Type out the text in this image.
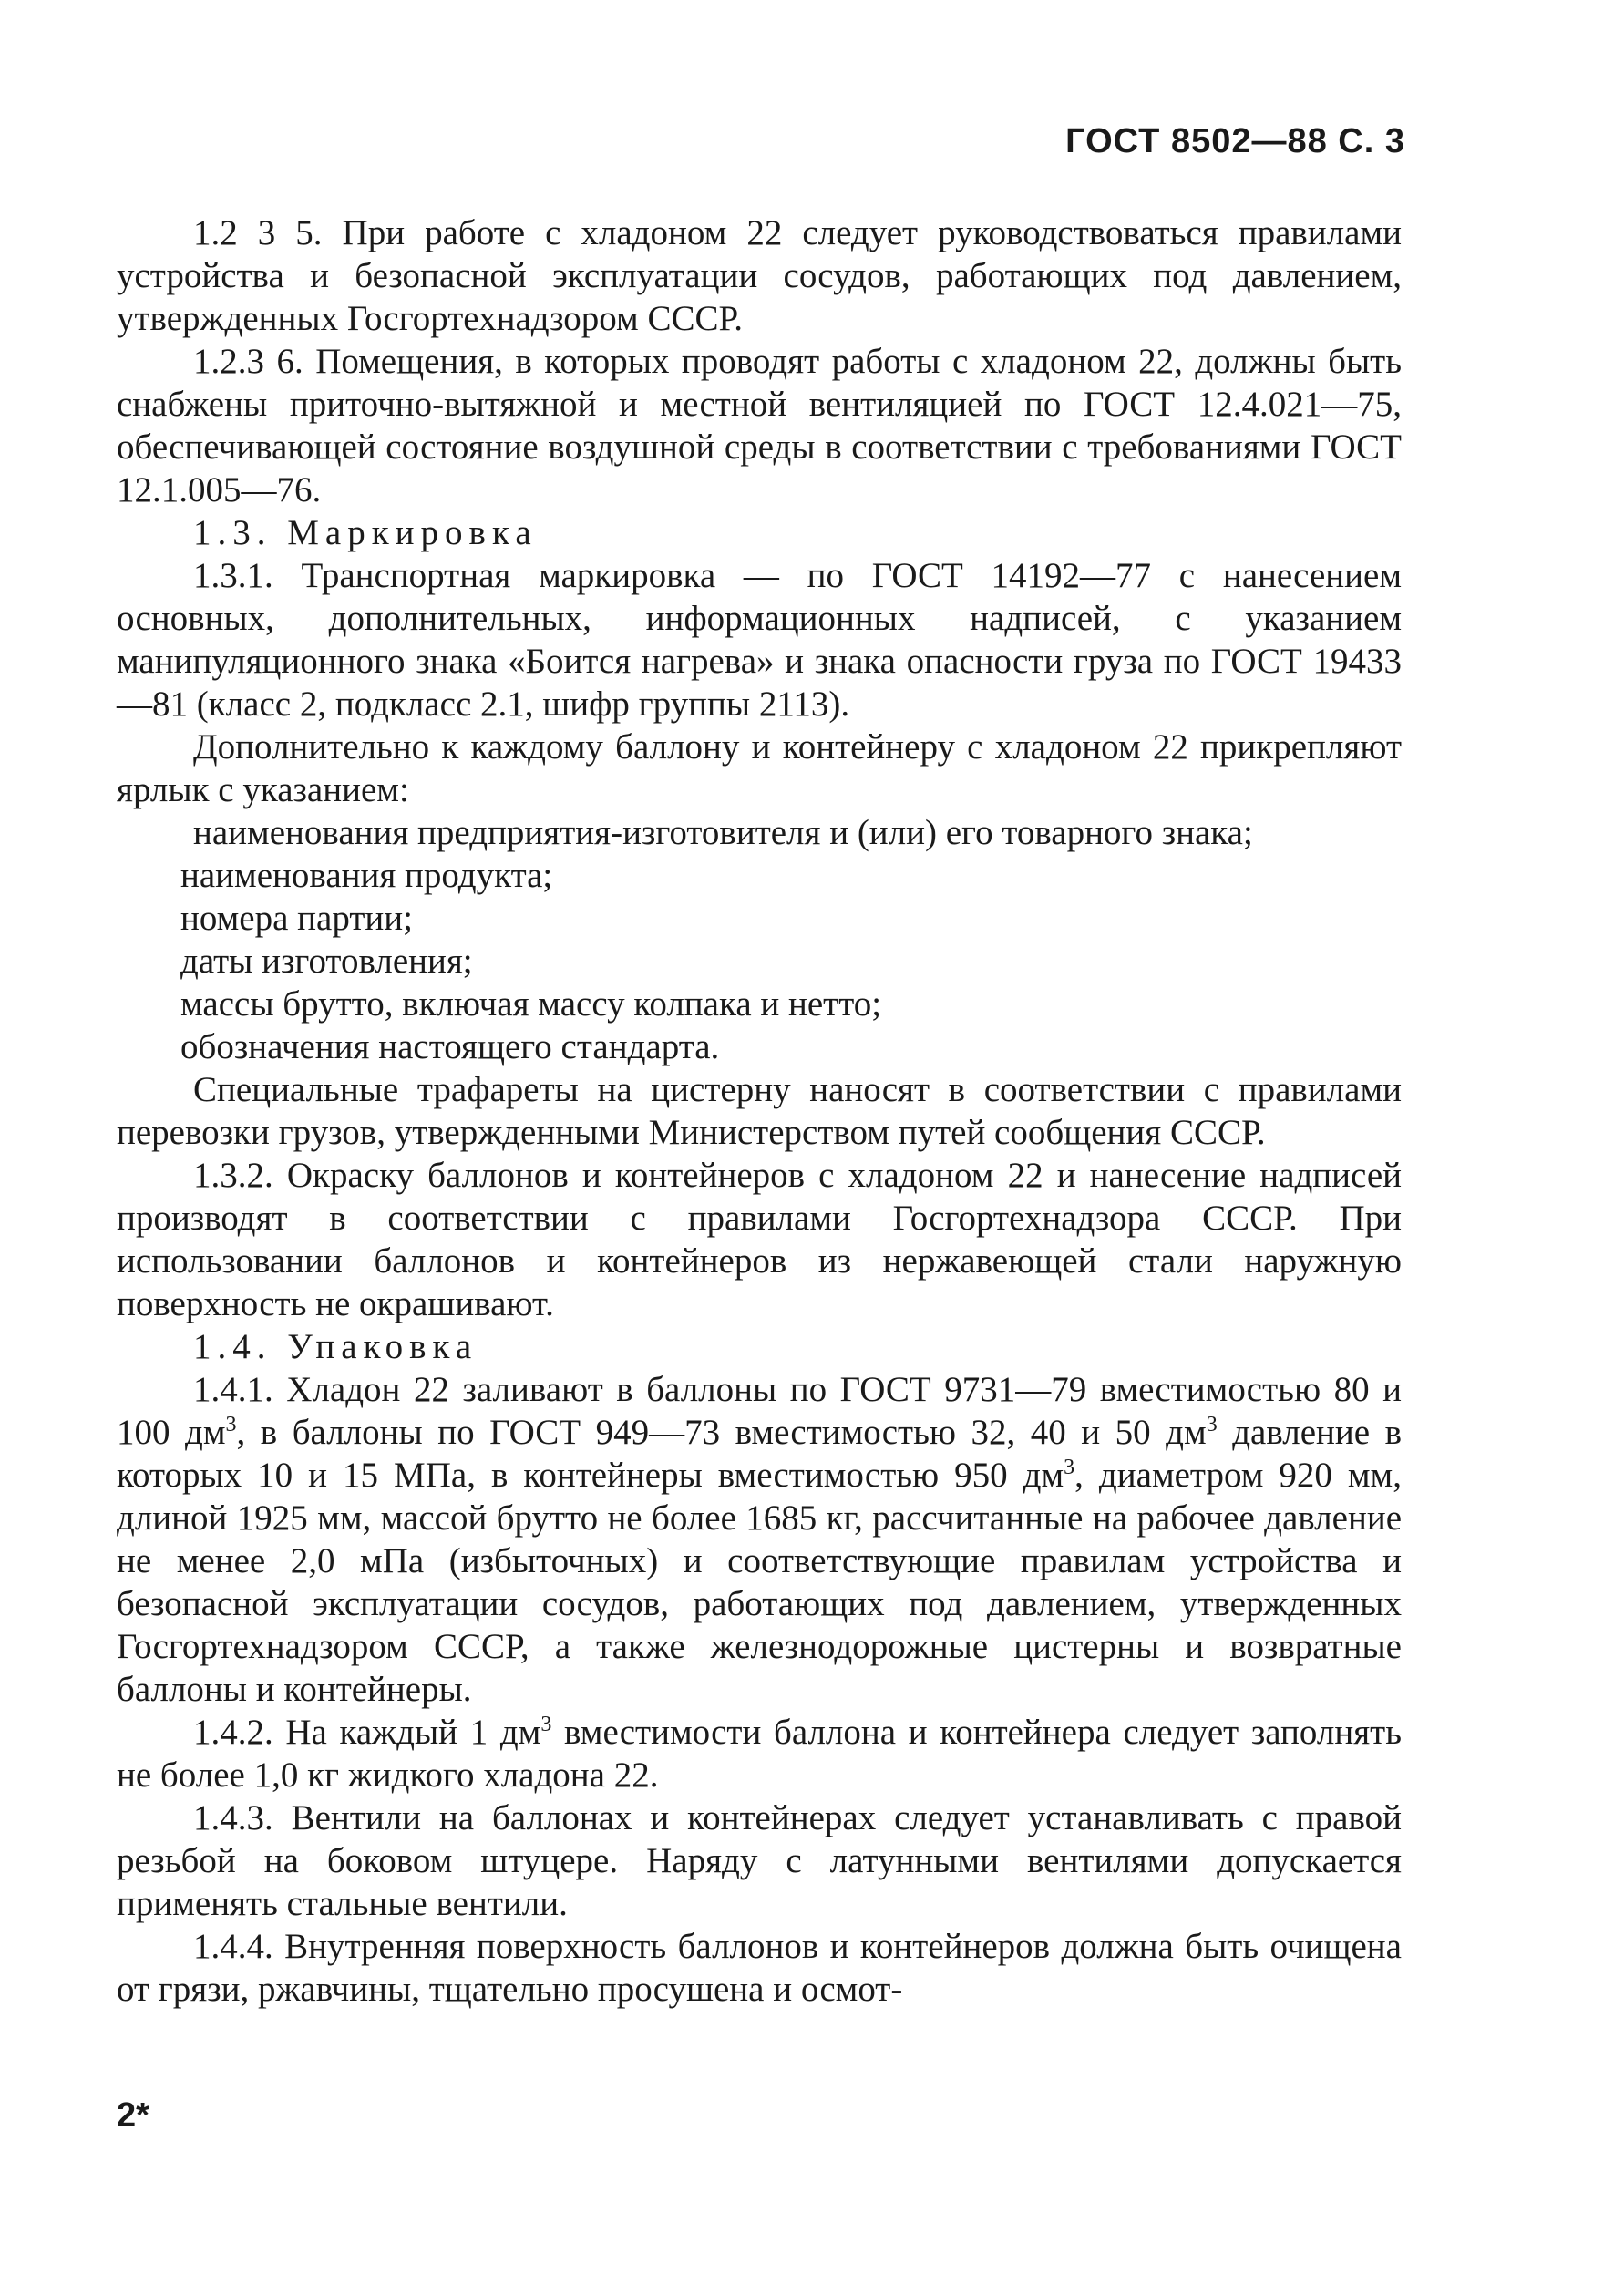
ГОСТ 8502—88 С. 3

1.2 3 5. При работе с хладоном 22 следует руководствоваться правилами устройства и безопасной эксплуатации сосудов, работающих под давлением, утвержденных Госгортехнадзором СССР.

1.2.3 6. Помещения, в которых проводят работы с хладоном 22, должны быть снабжены приточно-вытяжной и местной вентиляцией по ГОСТ 12.4.021—75, обеспечивающей состояние воздушной среды в соответствии с требованиями ГОСТ 12.1.005—76.

1.3. Маркировка

1.3.1. Транспортная маркировка — по ГОСТ 14192—77 с нанесением основных, дополнительных, информационных надписей, с указанием манипуляционного знака «Боится нагрева» и знака опасности груза по ГОСТ 19433—81 (класс 2, подкласс 2.1, шифр группы 2113).

Дополнительно к каждому баллону и контейнеру с хладоном 22 прикрепляют ярлык с указанием:

наименования предприятия-изготовителя и (или) его товарного знака;

наименования продукта;

номера партии;

даты изготовления;

массы брутто, включая массу колпака и нетто;

обозначения настоящего стандарта.

Специальные трафареты на цистерну наносят в соответствии с правилами перевозки грузов, утвержденными Министерством путей сообщения СССР.

1.3.2. Окраску баллонов и контейнеров с хладоном 22 и нанесение надписей производят в соответствии с правилами Госгортехнадзора СССР. При использовании баллонов и контейнеров из нержавеющей стали наружную поверхность не окрашивают.

1.4. Упаковка

1.4.1. Хладон 22 заливают в баллоны по ГОСТ 9731—79 вместимостью 80 и 100 $дм^3$, в баллоны по ГОСТ 949—73 вместимостью 32, 40 и 50 $дм^3$ давление в которых 10 и 15 МПа, в контейнеры вместимостью 950 $дм^3$, диаметром 920 мм, длиной 1925 мм, массой брутто не более 1685 кг, рассчитанные на рабочее давление не менее 2,0 мПа (избыточных) и соответствующие правилам устройства и безопасной эксплуатации сосудов, работающих под давлением, утвержденных Госгортехнадзором СССР, а также железнодорожные цистерны и возвратные баллоны и контейнеры.

1.4.2. На каждый 1 $дм^3$ вместимости баллона и контейнера следует заполнять не более 1,0 кг жидкого хладона 22.

1.4.3. Вентили на баллонах и контейнерах следует устанавливать с правой резьбой на боковом штуцере. Наряду с латунными вентилями допускается применять стальные вентили.

1.4.4. Внутренняя поверхность баллонов и контейнеров должна быть очищена от грязи, ржавчины, тщательно просушена и осмот-

2*
